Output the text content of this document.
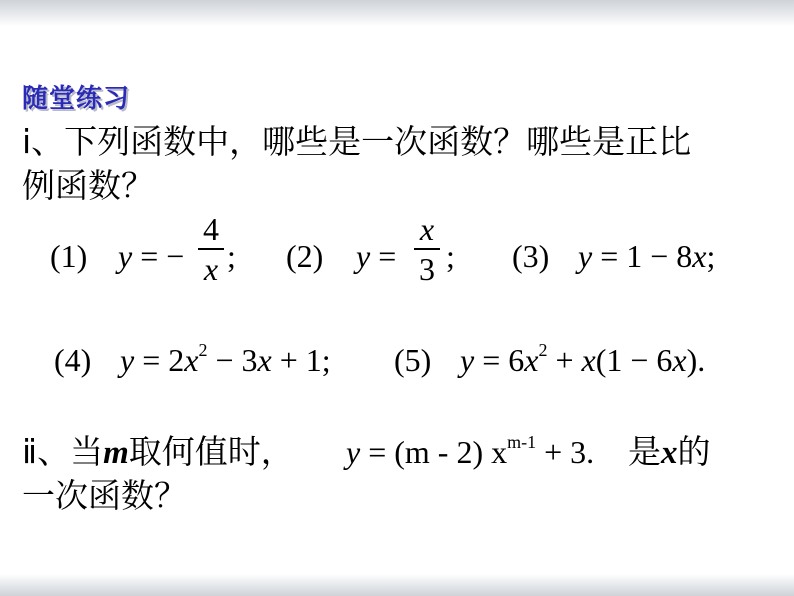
随堂练习
ⅰ、下列函数中，哪些是一次函数？哪些是正比
例函数？
(1) y = −
4
x ; (2) y =
x
3 ; (3) y = 1 − 8x;
(4) $y = 2x^2 - 3x + 1$; (5) $y = 6x^2 + x(1 - 6x)$.
ⅱ、当m取何值时， y = (m - 2) $x^{m-1} + 3$. 是x的
一次函数？
